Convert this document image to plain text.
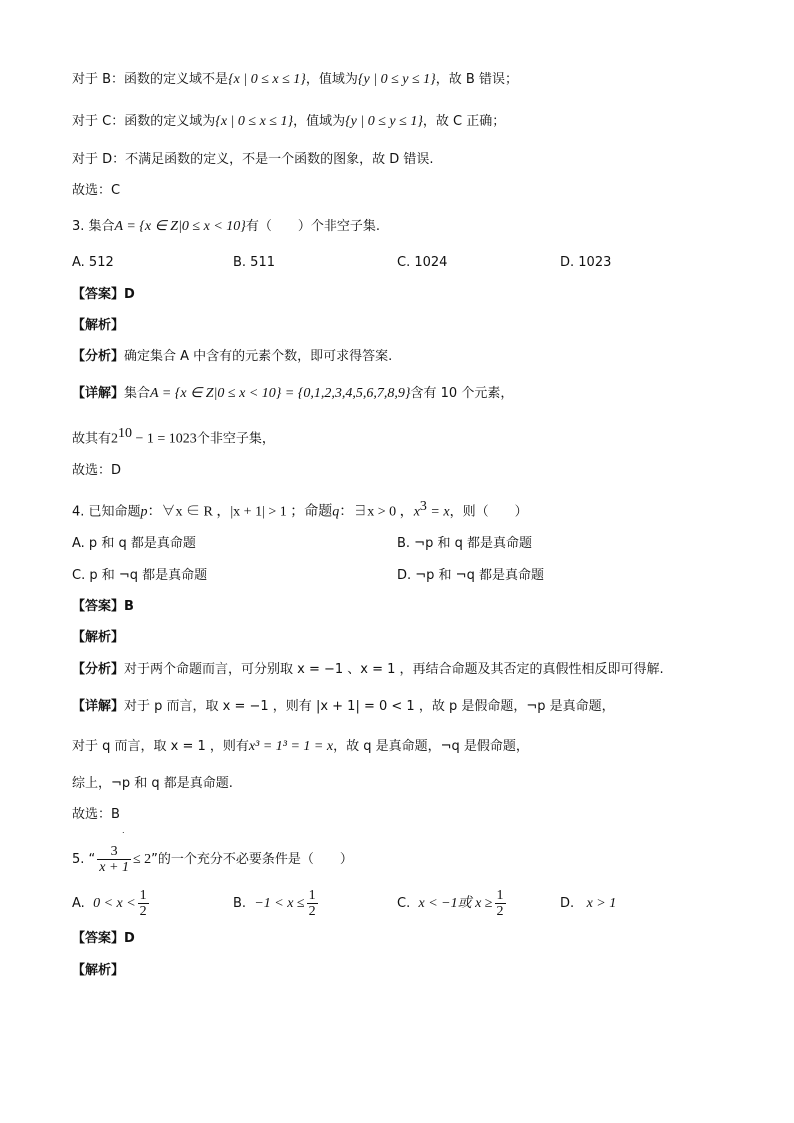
对于 B：函数的定义域不是{x | 0 ≤ x ≤ 1}，值域为{y | 0 ≤ y ≤ 1}，故 B 错误；
对于 C：函数的定义域为{x | 0 ≤ x ≤ 1}，值域为{y | 0 ≤ y ≤ 1}，故 C 正确；
对于 D：不满足函数的定义，不是一个函数的图象，故 D 错误.
故选：C
3. 集合A = {x ∈ Z|0 ≤ x < 10}有（　　）个非空子集.
A. 512	B. 511	C. 1024	D. 1023
【答案】D
【解析】
【分析】确定集合 A 中含有的元素个数，即可求得答案.
【详解】集合A = {x ∈ Z|0 ≤ x < 10} = {0,1,2,3,4,5,6,7,8,9}含有 10 个元素，
故其有$2^{10} - 1 = 1023$个非空子集，
故选：D
4. 已知命题p：∀x ∈ R ，|x + 1| > 1 ；命题q：∃x > 0 ，$x^3 = x$，则（　　）
A. p 和 q 都是真命题	B. ¬p 和 q 都是真命题
C. p 和 ¬q 都是真命题	D. ¬p 和 ¬q 都是真命题
【答案】B
【解析】
【分析】对于两个命题而言，可分别取 x = −1 、x = 1 ，再结合命题及其否定的真假性相反即可得解.
【详解】对于 p 而言，取 x = −1 ，则有 |x + 1| = 0 < 1 ，故 p 是假命题，¬p 是真命题，
对于 q 而言，取 x = 1 ，则有x³ = 1³ = 1 = x，故 q 是真命题，¬q 是假命题，
综上，¬p 和 q 都是真命题.
故选：B
.
5. “ $\frac{3}{x + 1} \le 2$”的一个充分不必要条件是（　　）
A. $0 < x < \frac{1}{2}$	B. $-1 < x \le \frac{1}{2}$	C. x < −1或 $x \ge \frac{1}{2}$	D. x > 1
【答案】D
【解析】
